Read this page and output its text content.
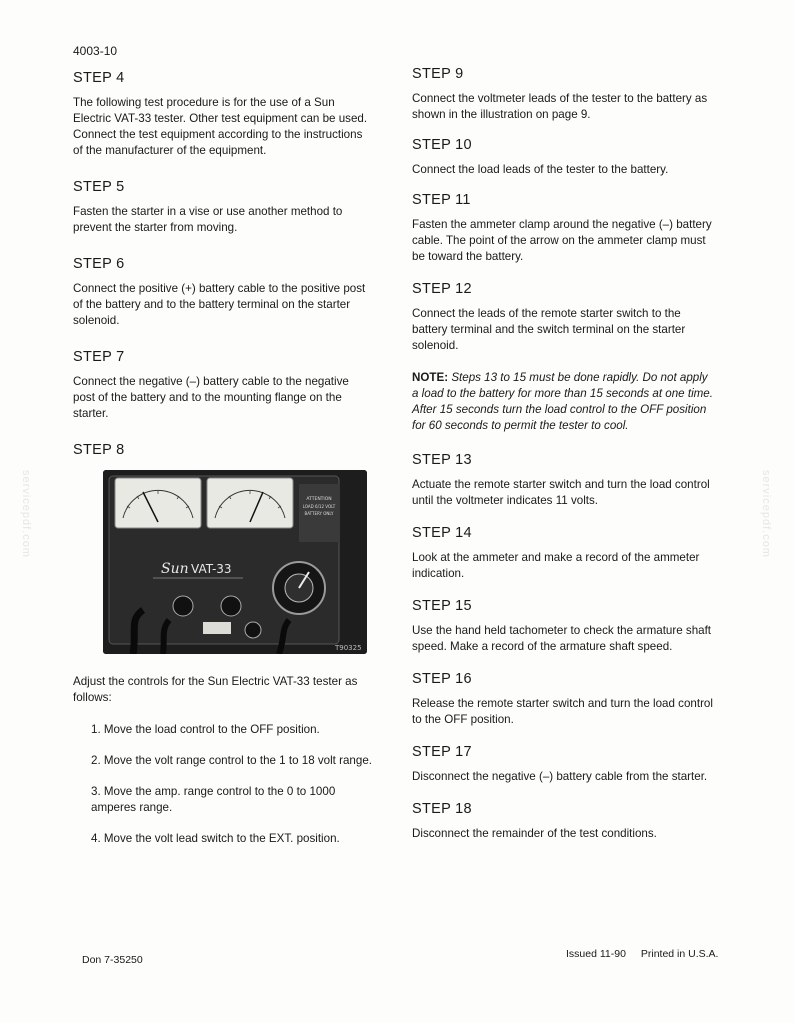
4003-10
servicepdf.com	servicepdf.com
STEP 4

The following test procedure is for the use of a Sun Electric VAT-33 tester. Other test equipment can be used. Connect the test equipment according to the instructions of the manufacturer of the equipment.

STEP 5

Fasten the starter in a vise or use another method to prevent the starter from moving.

STEP 6

Connect the positive (+) battery cable to the positive post of the battery and to the battery terminal on the starter solenoid.

STEP 7

Connect the negative (–) battery cable to the negative post of the battery and to the mounting flange on the starter.

STEP 8
ATTENTION
LOAD 6/12 VOLT
BATTERY ONLY
Sun VAT-33
T90325

Adjust the controls for the Sun Electric VAT-33 tester as follows:

1. Move the load control to the OFF position.
2. Move the volt range control to the 1 to 18 volt range.
3. Move the amp. range control to the 0 to 1000 amperes range.
4. Move the volt lead switch to the EXT. position.
STEP 9

Connect the voltmeter leads of the tester to the battery as shown in the illustration on page 9.

STEP 10

Connect the load leads of the tester to the battery.

STEP 11

Fasten the ammeter clamp around the negative (–) battery cable. The point of the arrow on the ammeter clamp must be toward the battery.

STEP 12

Connect the leads of the remote starter switch to the battery terminal and the switch terminal on the starter solenoid.

NOTE: Steps 13 to 15 must be done rapidly. Do not apply a load to the battery for more than 15 seconds at one time. After 15 seconds turn the load control to the OFF position for 60 seconds to permit the tester to cool.

STEP 13

Actuate the remote starter switch and turn the load control until the voltmeter indicates 11 volts.

STEP 14

Look at the ammeter and make a record of the ammeter indication.

STEP 15

Use the hand held tachometer to check the armature shaft speed. Make a record of the armature shaft speed.

STEP 16

Release the remote starter switch and turn the load control to the OFF position.

STEP 17

Disconnect the negative (–) battery cable from the starter.

STEP 18

Disconnect the remainder of the test conditions.

Don 7-35250	Issued 11-90 Printed in U.S.A.
